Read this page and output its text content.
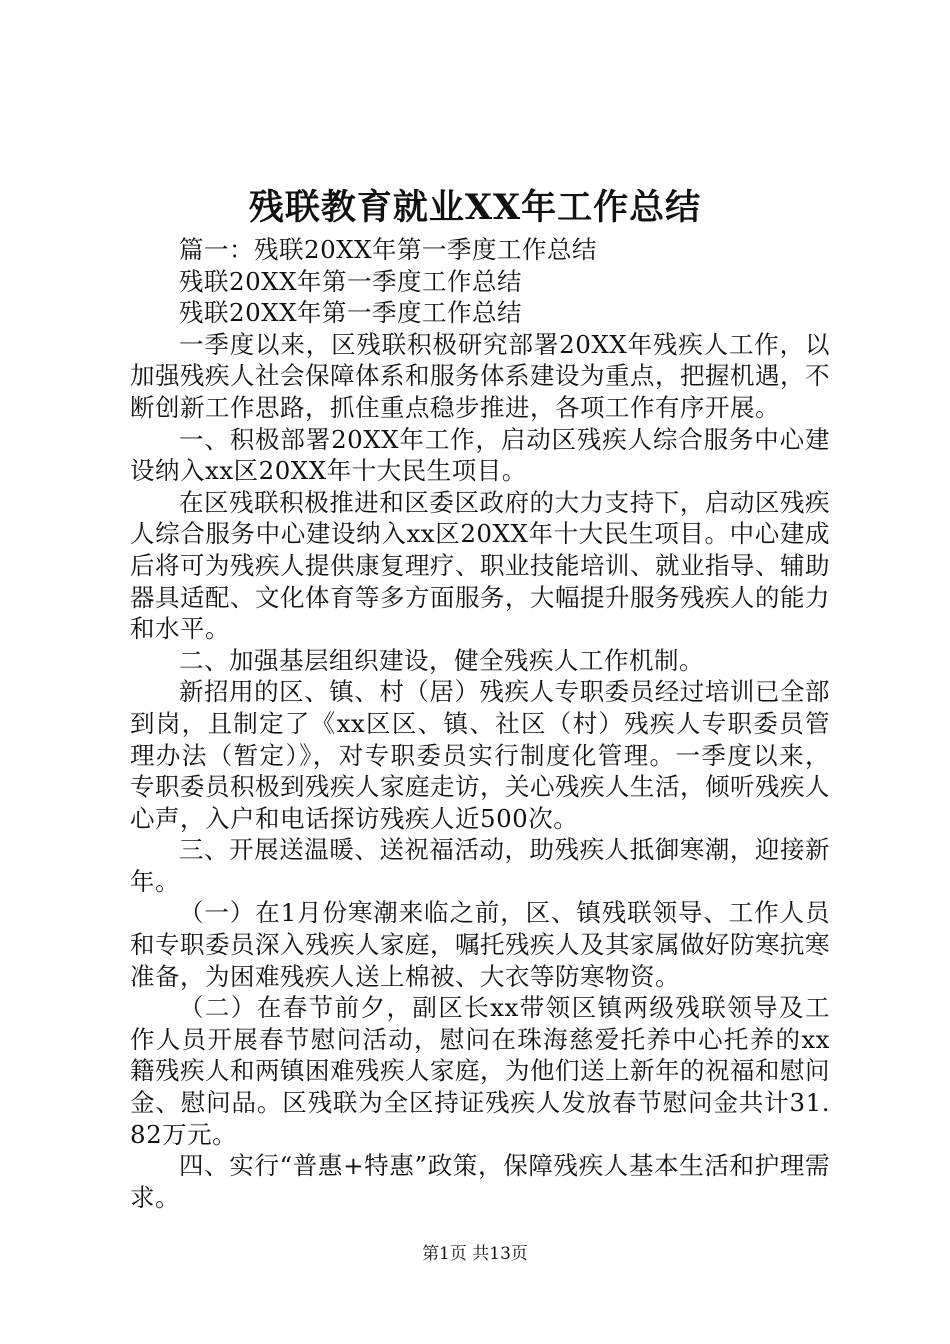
残联教育就业XX年工作总结

篇一：残联20XX年第一季度工作总结

残联20XX年第一季度工作总结

残联20XX年第一季度工作总结

一季度以来，区残联积极研究部署20XX年残疾人工作，以加强残疾人社会保障体系和服务体系建设为重点，把握机遇，不断创新工作思路，抓住重点稳步推进，各项工作有序开展。

一、积极部署20XX年工作，启动区残疾人综合服务中心建设纳入xx区20XX年十大民生项目。

在区残联积极推进和区委区政府的大力支持下，启动区残疾人综合服务中心建设纳入xx区20XX年十大民生项目。中心建成后将可为残疾人提供康复理疗、职业技能培训、就业指导、辅助器具适配、文化体育等多方面服务，大幅提升服务残疾人的能力和水平。

二、加强基层组织建设，健全残疾人工作机制。

新招用的区、镇、村（居）残疾人专职委员经过培训已全部到岗，且制定了《xx区区、镇、社区（村）残疾人专职委员管理办法（暂定）》，对专职委员实行制度化管理。一季度以来，专职委员积极到残疾人家庭走访，关心残疾人生活，倾听残疾人心声，入户和电话探访残疾人近500次。

三、开展送温暖、送祝福活动，助残疾人抵御寒潮，迎接新年。

（一）在1月份寒潮来临之前，区、镇残联领导、工作人员和专职委员深入残疾人家庭，嘱托残疾人及其家属做好防寒抗寒准备，为困难残疾人送上棉被、大衣等防寒物资。

（二）在春节前夕，副区长xx带领区镇两级残联领导及工作人员开展春节慰问活动，慰问在珠海慈爱托养中心托养的xx籍残疾人和两镇困难残疾人家庭，为他们送上新年的祝福和慰问金、慰问品。区残联为全区持证残疾人发放春节慰问金共计31.82万元。

四、实行“普惠+特惠”政策，保障残疾人基本生活和护理需求。

第1页 共13页
